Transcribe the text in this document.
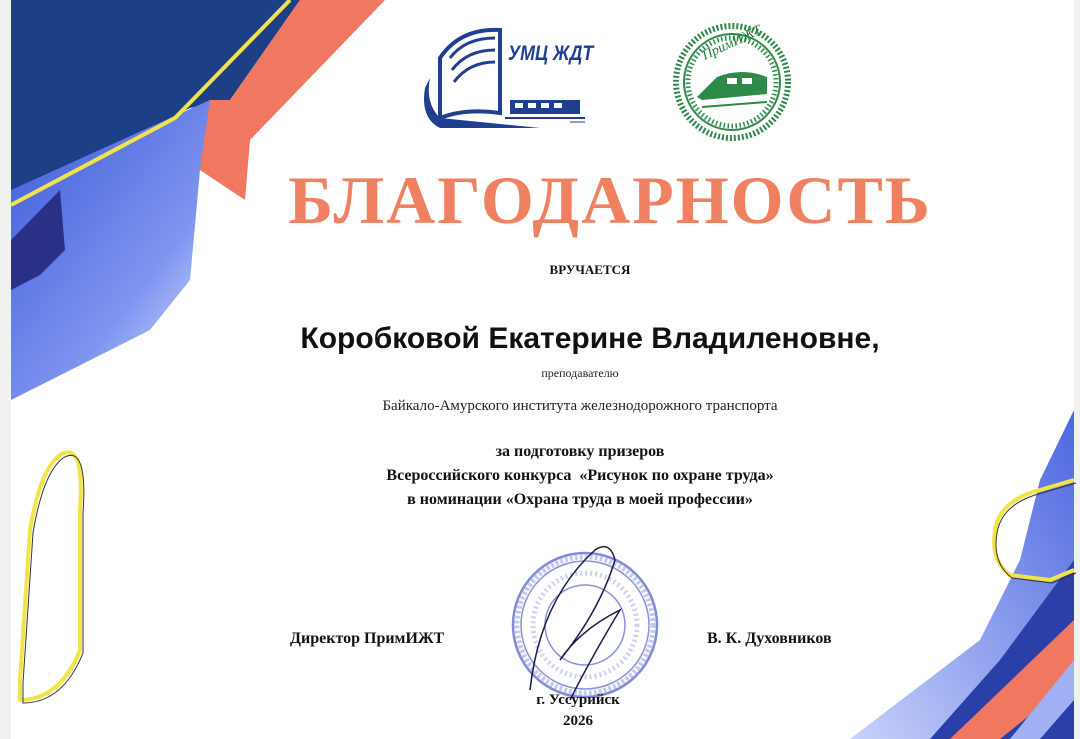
УМЦ ЖДТ	ПримИЖТ
БЛАГОДАРНОСТЬ
ВРУЧАЕТСЯ
Коробковой Екатерине Владиленовне,
преподавателю
Байкало-Амурского института железнодорожного транспорта
за подготовку призеров
Всероссийского конкурса  «Рисунок по охране труда»
в номинации «Охрана труда в моей профессии»
Директор ПримИЖТ	В. К. Духовников
г. Уссурийск
2026
